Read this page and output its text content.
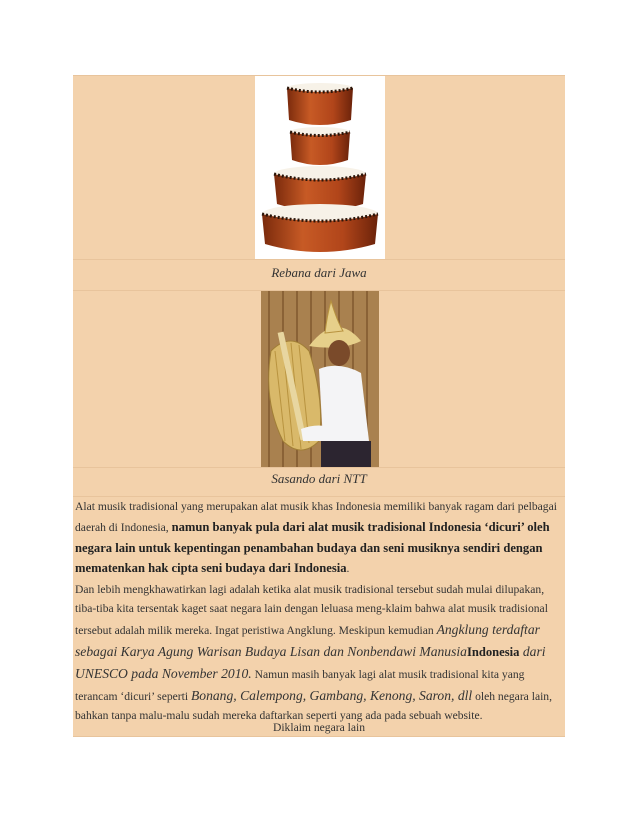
Rebana dari Jawa
Sasando dari NTT
Alat musik tradisional yang merupakan alat musik khas Indonesia memiliki banyak ragam dari pelbagai daerah di Indonesia, namun banyak pula dari alat musik tradisional Indonesia ‘dicuri’ oleh negara lain untuk kepentingan penambahan budaya dan seni musiknya sendiri dengan mematenkan hak cipta seni budaya dari Indonesia.
Dan lebih mengkhawatirkan lagi adalah ketika alat musik tradisional tersebut sudah mulai dilupakan, tiba-tiba kita tersentak kaget saat negara lain dengan leluasa meng-klaim bahwa alat musik tradisional tersebut adalah milik mereka. Ingat peristiwa Angklung. Meskipun kemudian Angklung terdaftar sebagai Karya Agung Warisan Budaya Lisan dan Nonbendawi ManusiaIndonesia dari UNESCO pada November 2010. Namun masih banyak lagi alat musik tradisional kita yang terancam ‘dicuri’ seperti Bonang, Calempong, Gambang, Kenong, Saron, dll oleh negara lain, bahkan tanpa malu-malu sudah mereka daftarkan seperti yang ada pada sebuah website.
Diklaim negara lain
